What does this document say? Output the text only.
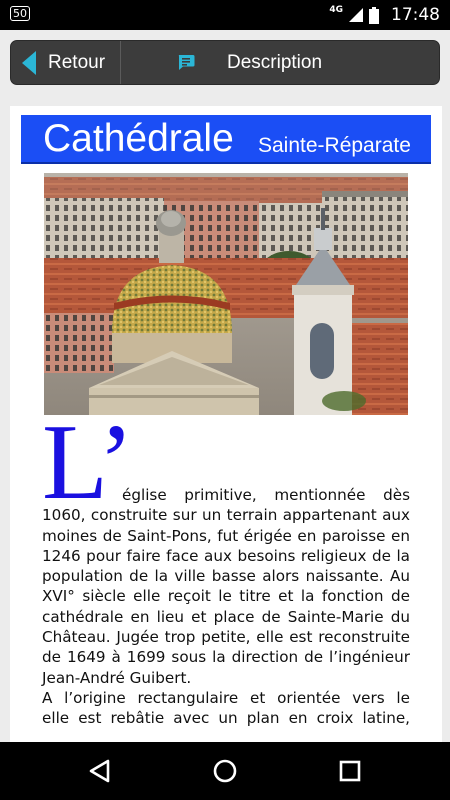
50	4G	17:48
Retour	Description
Cathédrale Sainte-Réparate
L’
église primitive, mentionnée dès
1060, construite sur un terrain appartenant aux
moines de Saint-Pons, fut érigée en paroisse en
1246 pour faire face aux besoins religieux de la
population de la ville basse alors naissante. Au
XVI° siècle elle reçoit le titre et la fonction de
cathédrale en lieu et place de Sainte-Marie du
Château. Jugée trop petite, elle est reconstruite
de 1649 à 1699 sous la direction de l’ingénieur
Jean-André Guibert.
A l’origine rectangulaire et orientée vers le
elle est rebâtie avec un plan en croix latine,
